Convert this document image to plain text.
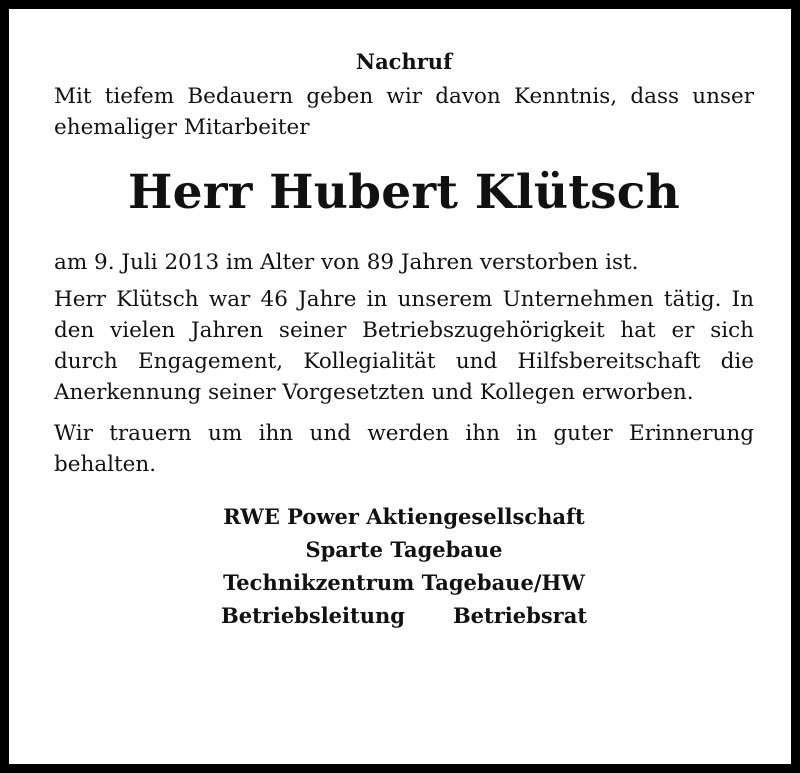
Nachruf

Mit tiefem Bedauern geben wir davon Kenntnis, dass unser ehemaliger Mitarbeiter

Herr Hubert Klütsch

am 9. Juli 2013 im Alter von 89 Jahren verstorben ist.

Herr Klütsch war 46 Jahre in unserem Unternehmen tätig. In den vielen Jahren seiner Betriebszugehörigkeit hat er sich durch Engagement, Kollegialität und Hilfsbereitschaft die Anerkennung seiner Vorgesetzten und Kollegen erworben.

Wir trauern um ihn und werden ihn in guter Erinnerung behalten.

RWE Power Aktiengesellschaft
Sparte Tagebaue
Technikzentrum Tagebaue/HW
Betriebsleitung Betriebsrat
